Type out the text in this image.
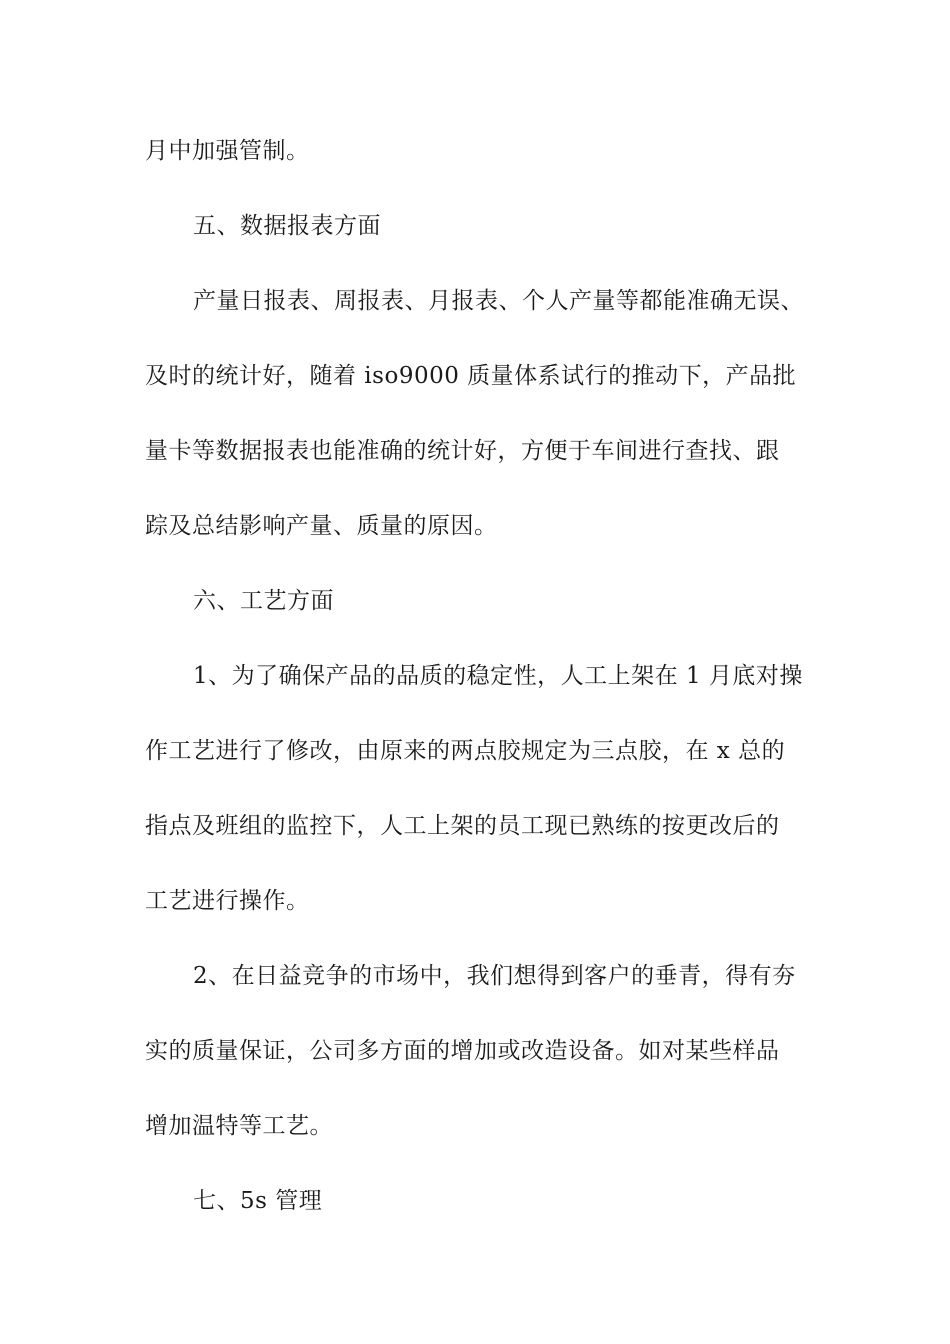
月中加强管制。
五、数据报表方面
产量日报表、周报表、月报表、个人产量等都能准确无误、
及时的统计好，随着 iso9000 质量体系试行的推动下，产品批
量卡等数据报表也能准确的统计好，方便于车间进行查找、跟
踪及总结影响产量、质量的原因。
六、工艺方面
1、为了确保产品的品质的稳定性，人工上架在 1 月底对操
作工艺进行了修改，由原来的两点胶规定为三点胶，在 x 总的
指点及班组的监控下，人工上架的员工现已熟练的按更改后的
工艺进行操作。
2、在日益竞争的市场中，我们想得到客户的垂青，得有夯
实的质量保证，公司多方面的增加或改造设备。如对某些样品
增加温特等工艺。
七、5s 管理
